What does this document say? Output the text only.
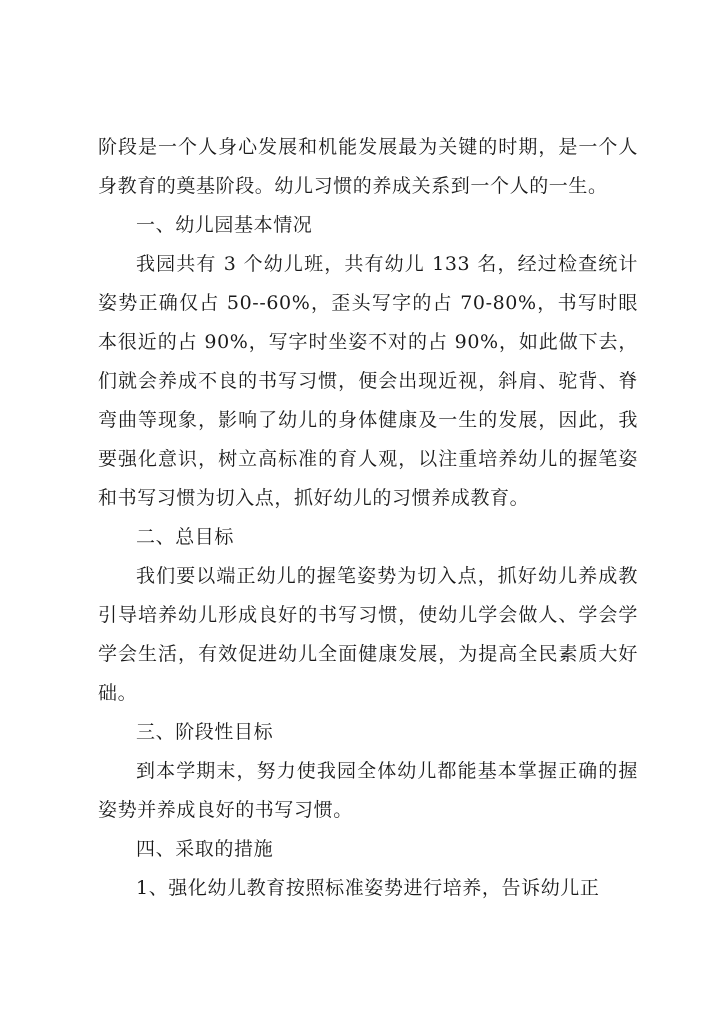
阶段是一个人身心发展和机能发展最为关键的时期，是一个人
身教育的奠基阶段。幼儿习惯的养成关系到一个人的一生。
一、幼儿园基本情况
我园共有 3 个幼儿班，共有幼儿 133 名，经过检查统计
姿势正确仅占 50--60%，歪头写字的占 70-80%，书写时眼
本很近的占 90%，写字时坐姿不对的占 90%，如此做下去，
们就会养成不良的书写习惯，便会出现近视，斜肩、驼背、脊
弯曲等现象，影响了幼儿的身体健康及一生的发展，因此，我
要强化意识，树立高标准的育人观，以注重培养幼儿的握笔姿
和书写习惯为切入点，抓好幼儿的习惯养成教育。
二、总目标
我们要以端正幼儿的握笔姿势为切入点，抓好幼儿养成教
引导培养幼儿形成良好的书写习惯，使幼儿学会做人、学会学
学会生活，有效促进幼儿全面健康发展，为提高全民素质大好
础。
三、阶段性目标
到本学期末，努力使我园全体幼儿都能基本掌握正确的握
姿势并养成良好的书写习惯。
四、采取的措施
1、强化幼儿教育按照标准姿势进行培养，告诉幼儿正
